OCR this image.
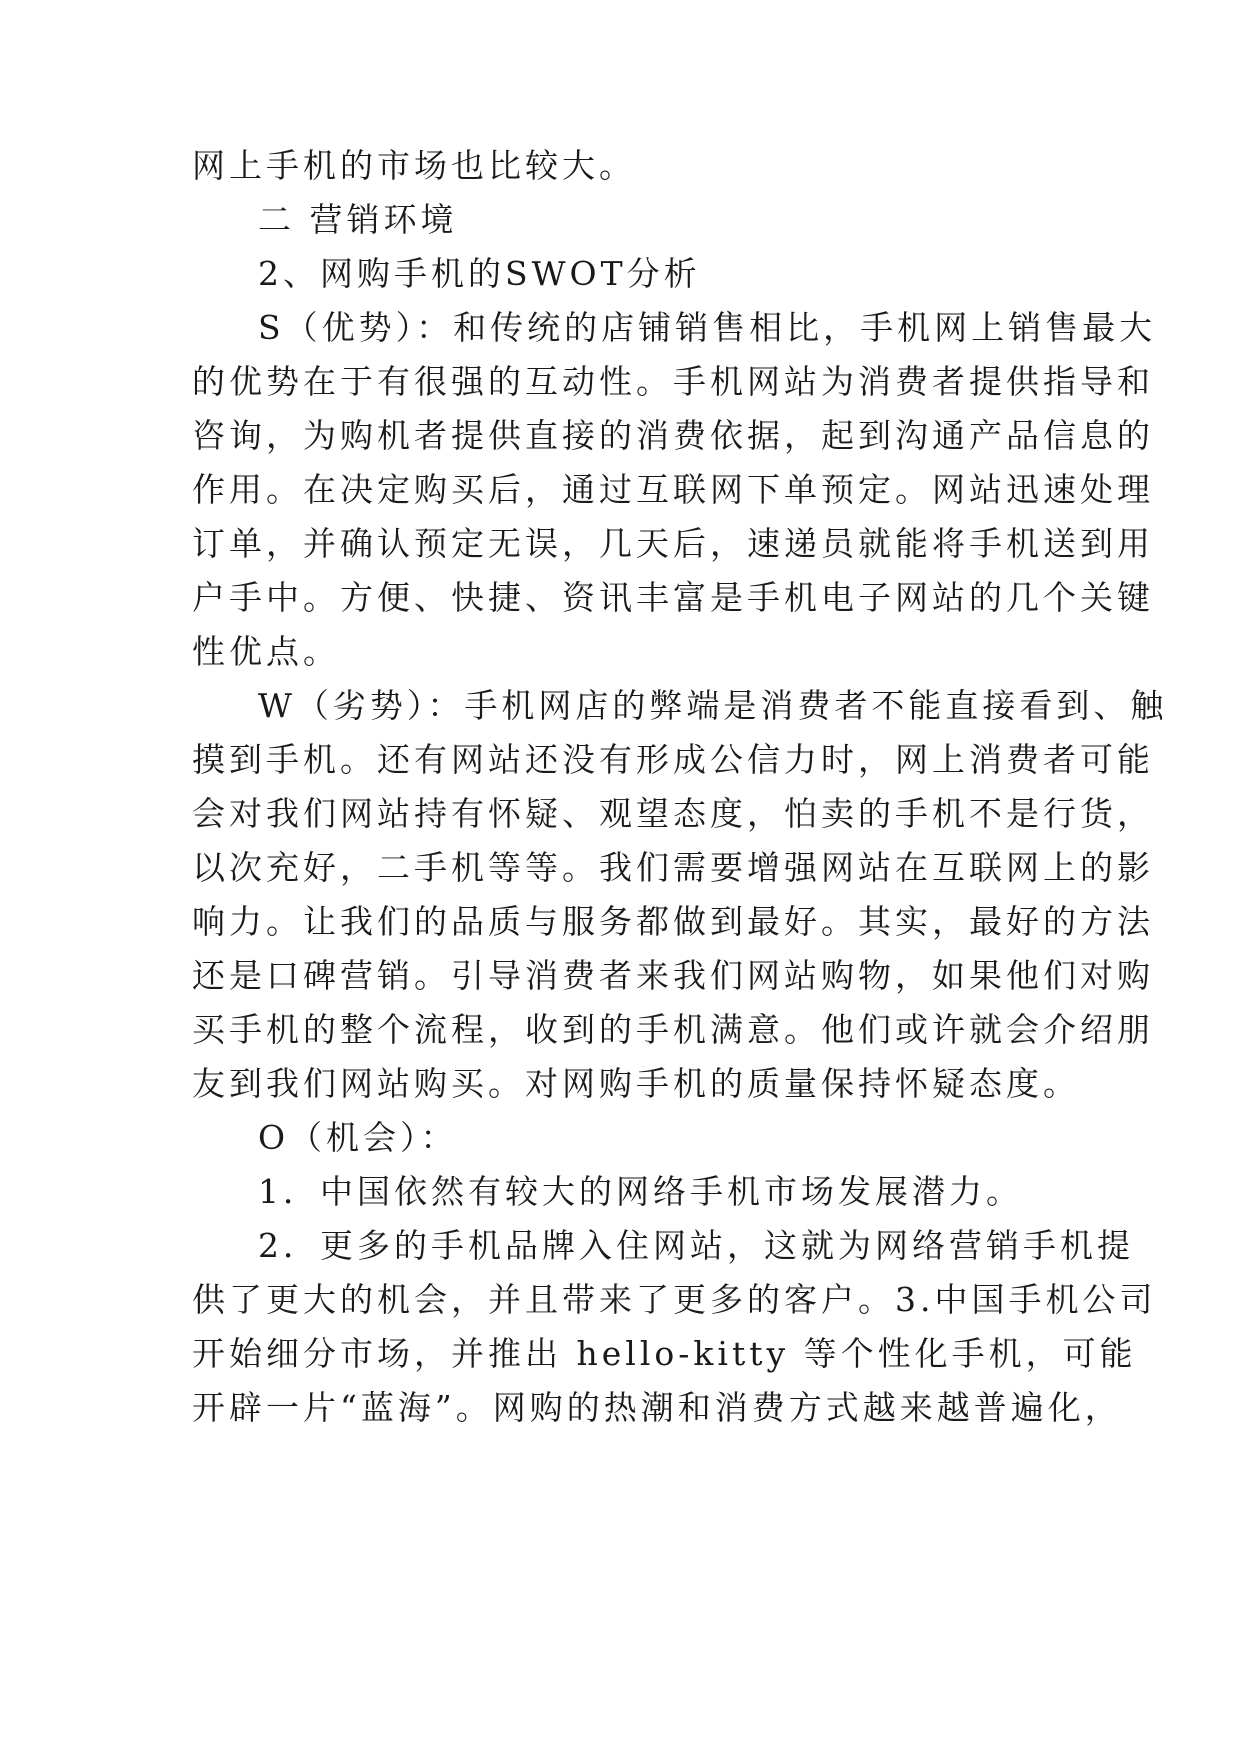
网上手机的市场也比较大。
二 营销环境
2、网购手机的SWOT分析
S（优势）：和传统的店铺销售相比，手机网上销售最大
的优势在于有很强的互动性。手机网站为消费者提供指导和
咨询，为购机者提供直接的消费依据，起到沟通产品信息的
作用。在决定购买后，通过互联网下单预定。网站迅速处理
订单，并确认预定无误，几天后，速递员就能将手机送到用
户手中。方便、快捷、资讯丰富是手机电子网站的几个关键
性优点。
W（劣势）：手机网店的弊端是消费者不能直接看到、触
摸到手机。还有网站还没有形成公信力时，网上消费者可能
会对我们网站持有怀疑、观望态度，怕卖的手机不是行货，
以次充好，二手机等等。我们需要增强网站在互联网上的影
响力。让我们的品质与服务都做到最好。其实，最好的方法
还是口碑营销。引导消费者来我们网站购物，如果他们对购
买手机的整个流程，收到的手机满意。他们或许就会介绍朋
友到我们网站购买。对网购手机的质量保持怀疑态度。
O（机会）：
1．中国依然有较大的网络手机市场发展潜力。
2．更多的手机品牌入住网站，这就为网络营销手机提
供了更大的机会，并且带来了更多的客户。3.中国手机公司
开始细分市场，并推出 hello-kitty 等个性化手机，可能
开辟一片“蓝海”。网购的热潮和消费方式越来越普遍化，
